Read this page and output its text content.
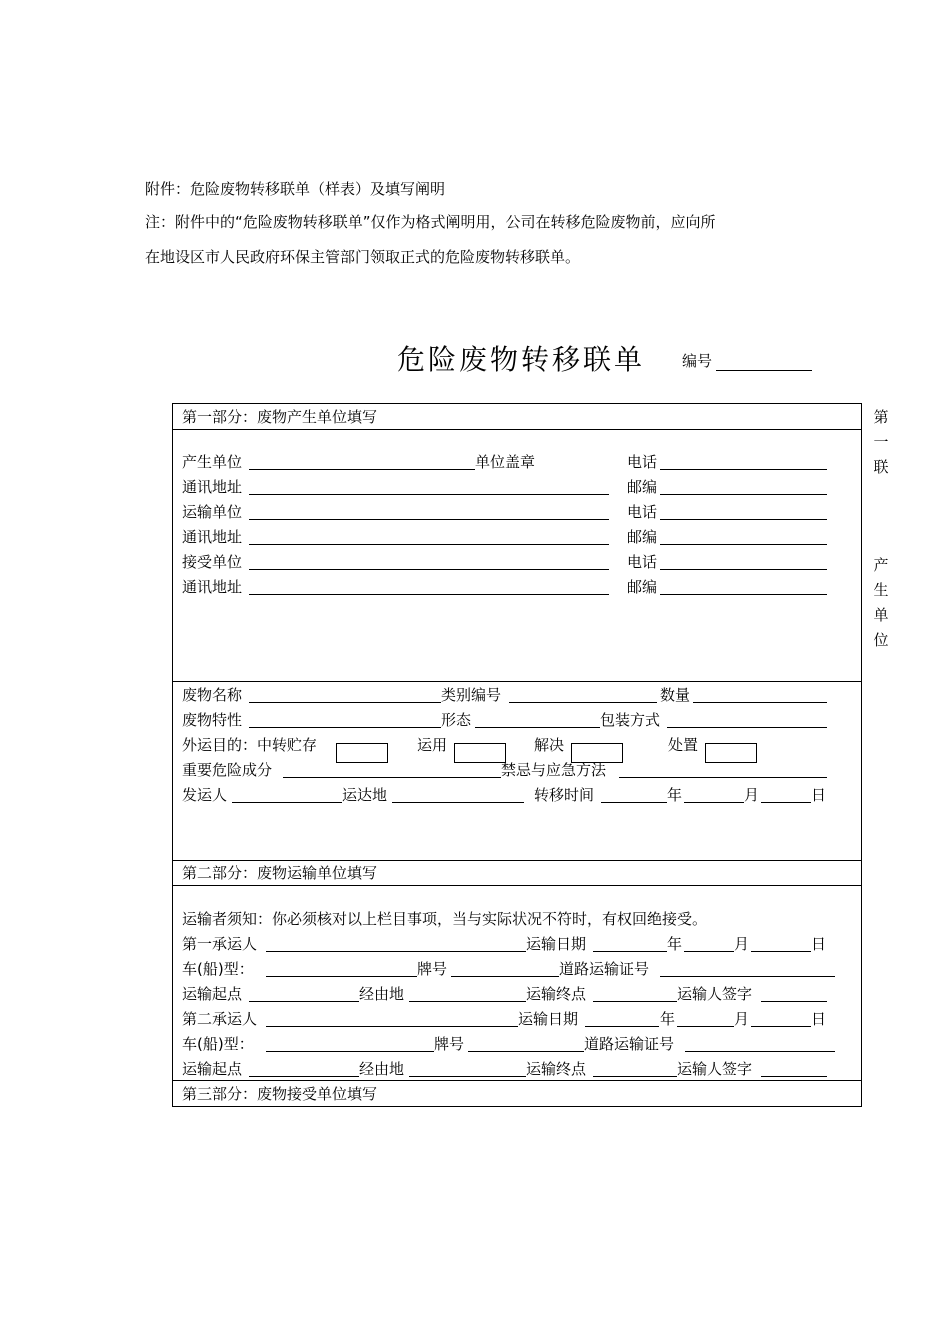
附件：危险废物转移联单（样表）及填写阐明
注：附件中的“危险废物转移联单”仅作为格式阐明用，公司在转移危险废物前，应向所
在地设区市人民政府环保主管部门领取正式的危险废物转移联单。
危险废物转移联单 编号
第
一
联
产
生
单
位
第一部分：废物产生单位填写
产生单位	单位盖章	电话
通讯地址	邮编
运输单位	电话
通讯地址	邮编
接受单位	电话
通讯地址	邮编
废物名称	类别编号	数量
废物特性	形态	包装方式
外运目的：中转贮存	运用	解决	处置
重要危险成分	禁忌与应急方法
发运人	运达地	转移时间	年	月	日
第二部分：废物运输单位填写
运输者须知：你必须核对以上栏目事项，当与实际状况不符时，有权回绝接受。
第一承运人	运输日期	年	月	日
车(船)型：	牌号	道路运输证号
运输起点	经由地	运输终点	运输人签字
第二承运人	运输日期	年	月	日
车(船)型：	牌号	道路运输证号
运输起点	经由地	运输终点	运输人签字
第三部分：废物接受单位填写
